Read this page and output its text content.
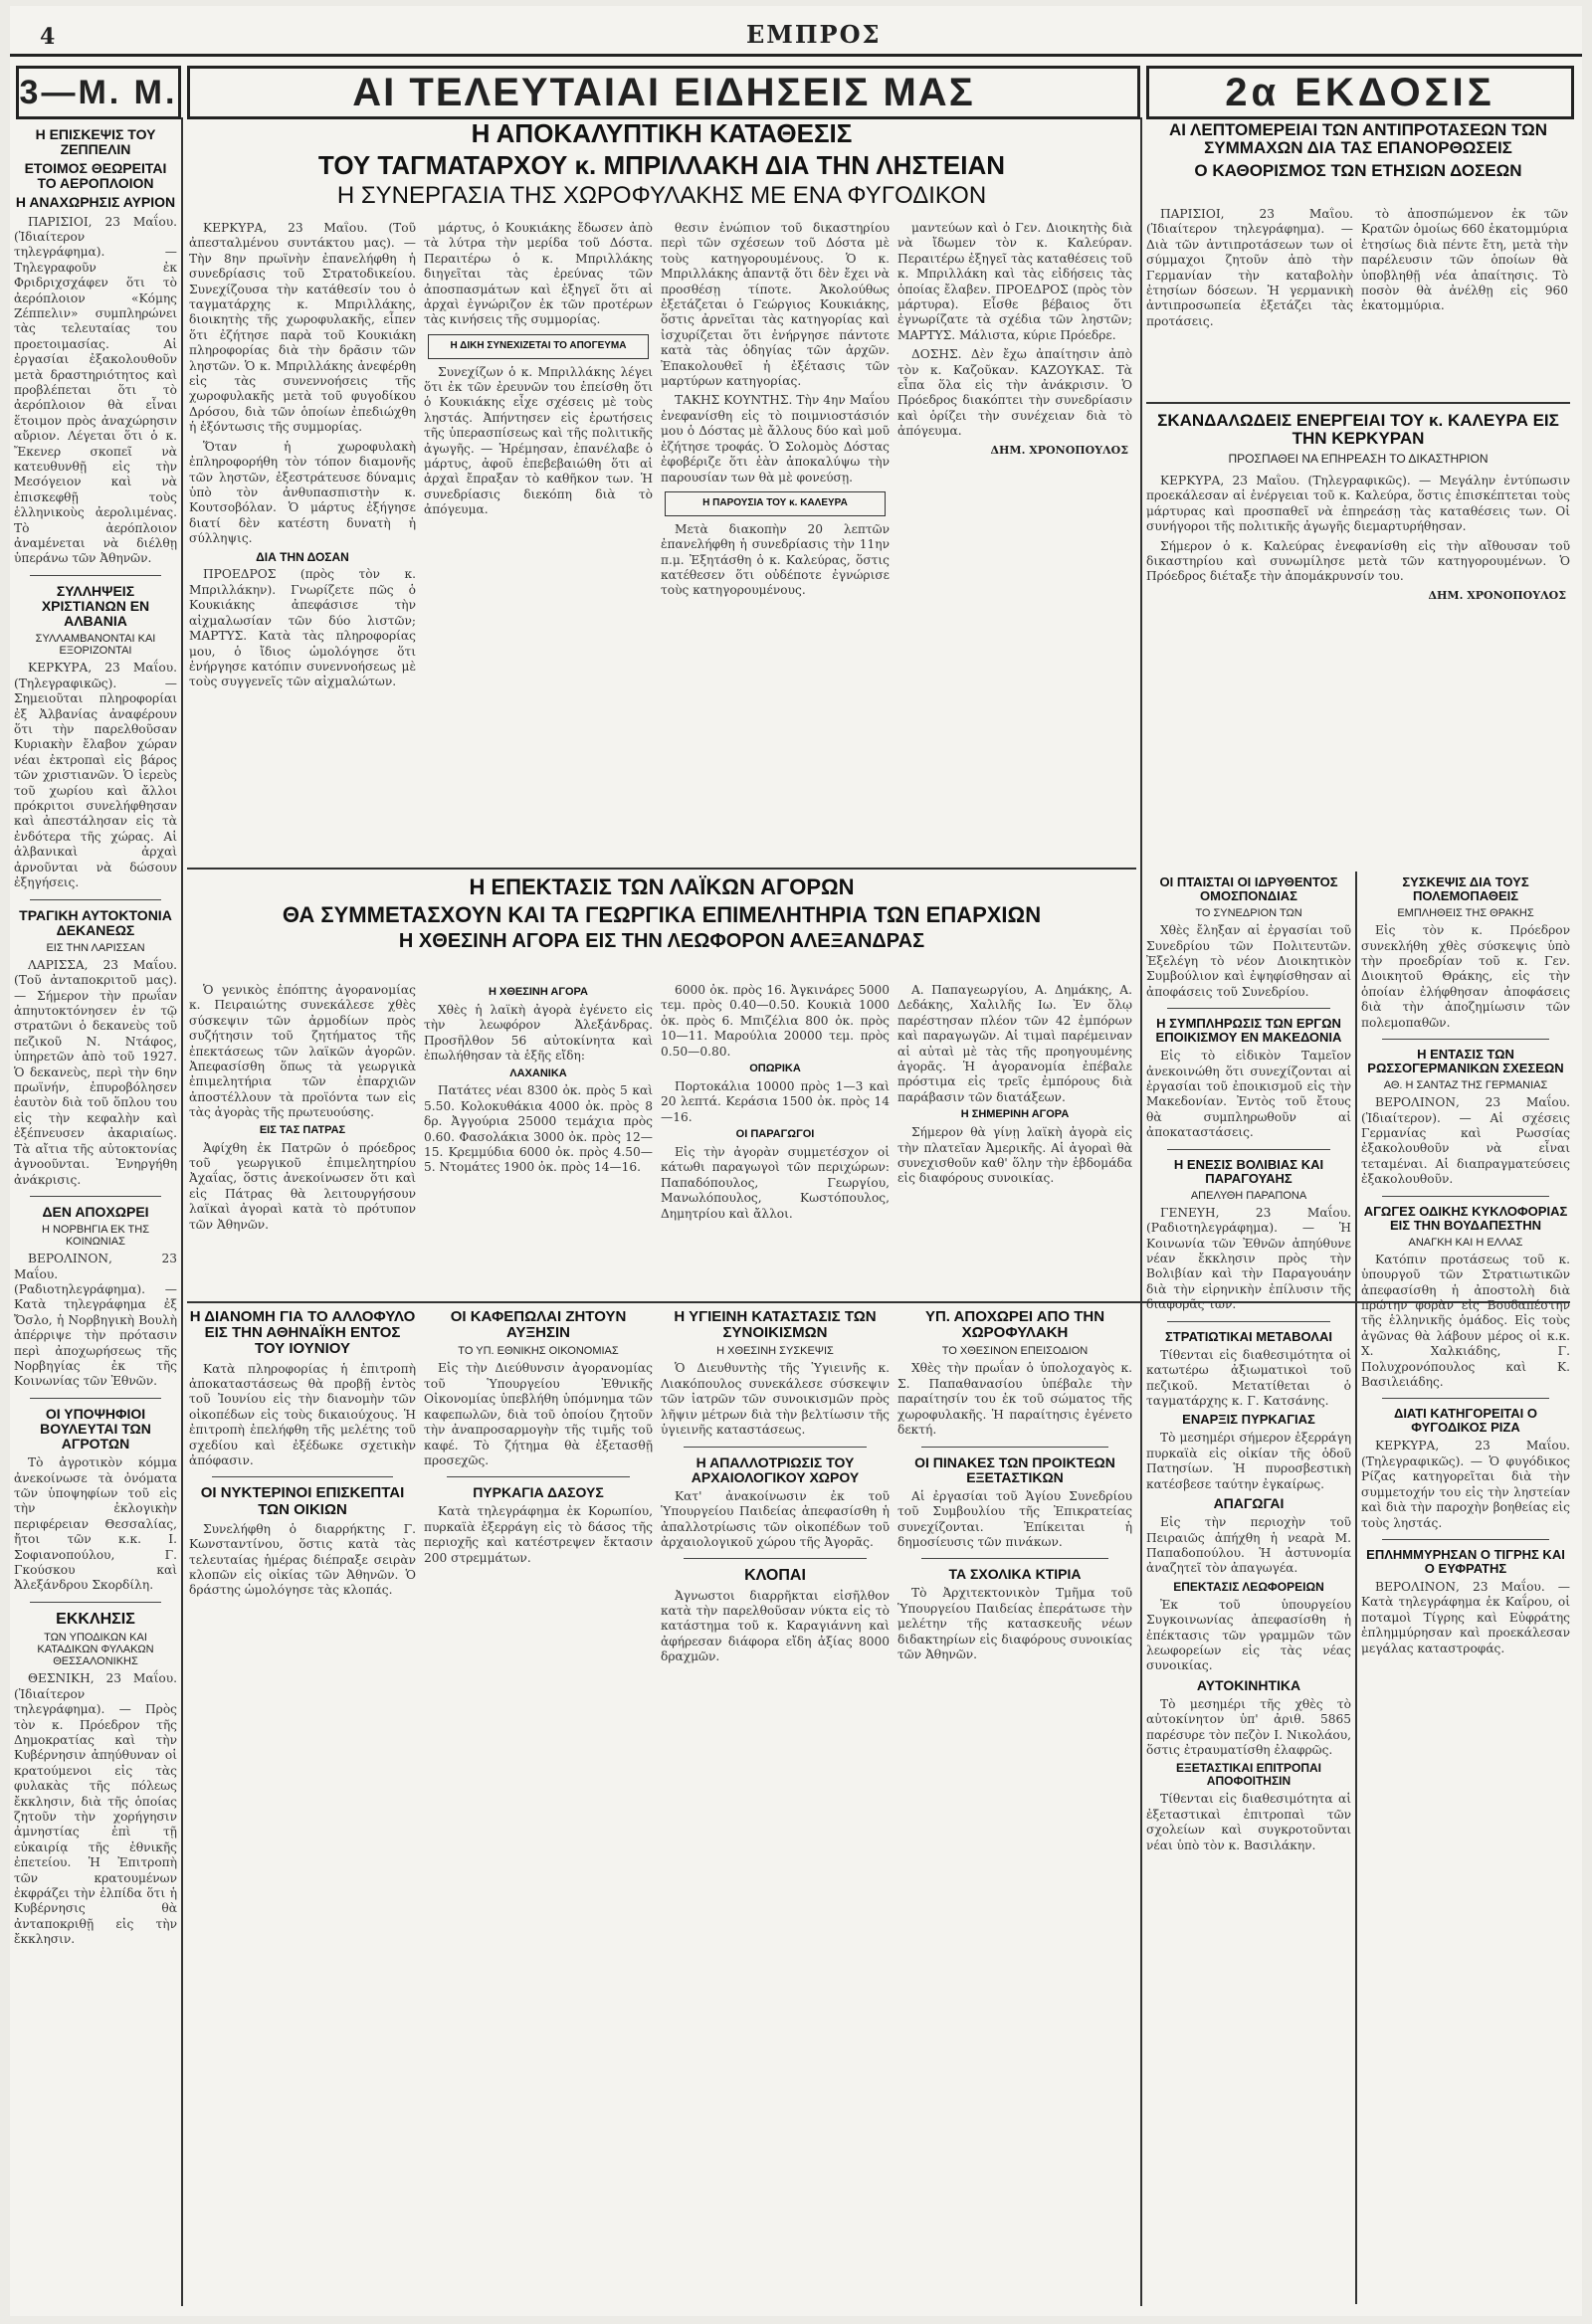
4	ΕΜΠΡΟΣ
3—Μ. Μ.	ΑΙ ΤΕΛΕΥΤΑΙΑΙ ΕΙΔΗΣΕΙΣ ΜΑΣ	2α ΕΚΔΟΣΙΣ
Η ΕΠΙΣΚΕΨΙΣ ΤΟΥ ΖΕΠΠΕΛΙΝ
ΕΤΟΙΜΟΣ ΘΕΩΡΕΙΤΑΙ ΤΟ ΑΕΡΟΠΛΟΙΟΝ
Η ΑΝΑΧΩΡΗΣΙΣ ΑΥΡΙΟΝ

ΠΑΡΙΣΙΟΙ, 23 Μαΐου. (Ἰδιαίτερον τηλεγράφημα). — Τηλεγραφοῦν ἐκ Φριδριχσχάφεν ὅτι τὸ ἀερόπλοιον «Κόμης Ζέππελιν» συμπληρώνει τὰς τελευταίας του προετοιμασίας. Αἱ ἐργασίαι ἐξακολουθοῦν μετὰ δραστηριότητος καὶ προβλέπεται ὅτι τὸ ἀερόπλοιον θὰ εἶναι ἕτοιμον πρὸς ἀναχώρησιν αὔριον. Λέγεται ὅτι ὁ κ. Ἔκενερ σκοπεῖ νὰ κατευθυνθῇ εἰς τὴν Μεσόγειον καὶ νὰ ἐπισκεφθῇ τοὺς ἑλληνικοὺς ἀερολιμένας. Τὸ ἀερόπλοιον ἀναμένεται νὰ διέλθῃ ὑπεράνω τῶν Ἀθηνῶν.

ΣΥΛΛΗΨΕΙΣ ΧΡΙΣΤΙΑΝΩΝ ΕΝ ΑΛΒΑΝΙΑ
ΣΥΛΛΑΜΒΑΝΟΝΤΑΙ ΚΑΙ ΕΞΟΡΙΖΟΝΤΑΙ

ΚΕΡΚΥΡΑ, 23 Μαΐου. (Τηλεγραφικῶς). — Σημειοῦται πληροφορίαι ἐξ Ἀλβανίας ἀναφέρουν ὅτι τὴν παρελθοῦσαν Κυριακὴν ἔλαβον χώραν νέαι ἐκτροπαὶ εἰς βάρος τῶν χριστιανῶν. Ὁ ἱερεὺς τοῦ χωρίου καὶ ἄλλοι πρόκριτοι συνελήφθησαν καὶ ἀπεστάλησαν εἰς τὰ ἐνδότερα τῆς χώρας. Αἱ ἀλβανικαὶ ἀρχαὶ ἀρνοῦνται νὰ δώσουν ἐξηγήσεις.

ΤΡΑΓΙΚΗ ΑΥΤΟΚΤΟΝΙΑ ΔΕΚΑΝΕΩΣ
ΕΙΣ ΤΗΝ ΛΑΡΙΣΣΑΝ

ΛΑΡΙΣΣΑ, 23 Μαΐου. (Τοῦ ἀνταποκριτοῦ μας). — Σήμερον τὴν πρωΐαν ἀπηυτοκτόνησεν ἐν τῷ στρατῶνι ὁ δεκανεὺς τοῦ πεζικοῦ Ν. Ντάφος, ὑπηρετῶν ἀπὸ τοῦ 1927. Ὁ δεκανεὺς, περὶ τὴν 6ην πρωϊνήν, ἐπυροβόλησεν ἑαυτὸν διὰ τοῦ ὅπλου του εἰς τὴν κεφαλὴν καὶ ἐξέπνευσεν ἀκαριαίως. Τὰ αἴτια τῆς αὐτοκτονίας ἀγνοοῦνται. Ἐνηργήθη ἀνάκρισις.

ΔΕΝ ΑΠΟΧΩΡΕΙ
Η ΝΟΡΒΗΓΙΑ ΕΚ ΤΗΣ ΚΟΙΝΩΝΙΑΣ

ΒΕΡΟΛΙΝΟΝ, 23 Μαΐου. (Ραδιοτηλεγράφημα). — Κατὰ τηλεγράφημα ἐξ Ὄσλο, ἡ Νορβηγικὴ Βουλὴ ἀπέρριψε τὴν πρότασιν περὶ ἀποχωρήσεως τῆς Νορβηγίας ἐκ τῆς Κοινωνίας τῶν Ἐθνῶν.

ΟΙ ΥΠΟΨΗΦΙΟΙ ΒΟΥΛΕΥΤΑΙ ΤΩΝ ΑΓΡΟΤΩΝ

Τὸ ἀγροτικὸν κόμμα ἀνεκοίνωσε τὰ ὀνόματα τῶν ὑποψηφίων τοῦ εἰς τὴν ἐκλογικὴν περιφέρειαν Θεσσαλίας, ἤτοι τῶν κ.κ. Ι. Σοφιανοπούλου, Γ. Γκούσκου καὶ Ἀλεξάνδρου Σκορδίλη.

ΕΚΚΛΗΣΙΣ
ΤΩΝ ΥΠΟΔΙΚΩΝ ΚΑΙ ΚΑΤΑΔΙΚΩΝ ΦΥΛΑΚΩΝ ΘΕΣΣΑΛΟΝΙΚΗΣ

ΘΕΣΝΙΚΗ, 23 Μαΐου. (Ἰδιαίτερον τηλεγράφημα). — Πρὸς τὸν κ. Πρόεδρον τῆς Δημοκρατίας καὶ τὴν Κυβέρνησιν ἀπηύθυναν οἱ κρατούμενοι εἰς τὰς φυλακὰς τῆς πόλεως ἔκκλησιν, διὰ τῆς ὁποίας ζητοῦν τὴν χορήγησιν ἀμνηστίας ἐπὶ τῇ εὐκαιρίᾳ τῆς ἐθνικῆς ἐπετείου. Ἡ Ἐπιτροπὴ τῶν κρατουμένων ἐκφράζει τὴν ἐλπίδα ὅτι ἡ Κυβέρνησις θὰ ἀνταποκριθῇ εἰς τὴν ἔκκλησιν.

Η ΑΠΟΚΑΛΥΠΤΙΚΗ ΚΑΤΑΘΕΣΙΣ
ΤΟΥ ΤΑΓΜΑΤΑΡΧΟΥ κ. ΜΠΡΙΛΛΑΚΗ ΔΙΑ ΤΗΝ ΛΗΣΤΕΙΑΝ
Η ΣΥΝΕΡΓΑΣΙΑ ΤΗΣ ΧΩΡΟΦΥΛΑΚΗΣ ΜΕ ΕΝΑ ΦΥΓΟΔΙΚΟΝ

ΚΕΡΚΥΡΑ, 23 Μαΐου. (Τοῦ ἀπεσταλμένου συντάκτου μας). — Τὴν 8ην πρωϊνὴν ἐπανελήφθη ἡ συνεδρίασις τοῦ Στρατοδικείου. Συνεχίζουσα τὴν κατάθεσίν του ὁ ταγματάρχης κ. Μπριλλάκης, διοικητὴς τῆς χωροφυλακῆς, εἶπεν ὅτι ἐζήτησε παρὰ τοῦ Κουκιάκη πληροφορίας διὰ τὴν δρᾶσιν τῶν ληστῶν. Ὁ κ. Μπριλλάκης ἀνεφέρθη εἰς τὰς συνεννοήσεις τῆς χωροφυλακῆς μετὰ τοῦ φυγοδίκου Δρόσου, διὰ τῶν ὁποίων ἐπεδιώχθη ἡ ἐξόντωσις τῆς συμμορίας.

Ὅταν ἡ χωροφυλακὴ ἐπληροφορήθη τὸν τόπον διαμονῆς τῶν ληστῶν, ἐξεστράτευσε δύναμις ὑπὸ τὸν ἀνθυπασπιστὴν κ. Κουτσοβόλαν. Ὁ μάρτυς ἐξήγησε διατί δὲν κατέστη δυνατὴ ἡ σύλληψις.

ΔΙΑ ΤΗΝ ΔΟΣΑΝ

ΠΡΟΕΔΡΟΣ (πρὸς τὸν κ. Μπριλλάκην). Γνωρίζετε πῶς ὁ Κουκιάκης ἀπεφάσισε τὴν αἰχμαλωσίαν τῶν δύο λιστῶν; ΜΑΡΤΥΣ. Κατὰ τὰς πληροφορίας μου, ὁ ἴδιος ὡμολόγησε ὅτι ἐνήργησε κατόπιν συνεννοήσεως μὲ τοὺς συγγενεῖς τῶν αἰχμαλώτων.

μάρτυς, ὁ Κουκιάκης ἔδωσεν ἀπὸ τὰ λύτρα τὴν μερίδα τοῦ Δόστα. Περαιτέρω ὁ κ. Μπριλλάκης διηγεῖται τὰς ἐρεύνας τῶν ἀποσπασμάτων καὶ ἐξηγεῖ ὅτι αἱ ἀρχαὶ ἐγνώριζον ἐκ τῶν προτέρων τὰς κινήσεις τῆς συμμορίας.

Η ΔΙΚΗ ΣΥΝΕΧΙΖΕΤΑΙ ΤΟ ΑΠΟΓΕΥΜΑ

Συνεχίζων ὁ κ. Μπριλλάκης λέγει ὅτι ἐκ τῶν ἐρευνῶν του ἐπείσθη ὅτι ὁ Κουκιάκης εἶχε σχέσεις μὲ τοὺς ληστάς. Ἀπήντησεν εἰς ἐρωτήσεις τῆς ὑπερασπίσεως καὶ τῆς πολιτικῆς ἀγωγῆς. — Ἡρέμησαν, ἐπανέλαβε ὁ μάρτυς, ἀφοῦ ἐπεβεβαιώθη ὅτι αἱ ἀρχαὶ ἔπραξαν τὸ καθῆκον των. Ἡ συνεδρίασις διεκόπη διὰ τὸ ἀπόγευμα.

θεσιν ἐνώπιον τοῦ δικαστηρίου περὶ τῶν σχέσεων τοῦ Δόστα μὲ τοὺς κατηγορουμένους. Ὁ κ. Μπριλλάκης ἀπαντᾷ ὅτι δὲν ἔχει νὰ προσθέσῃ τίποτε. Ἀκολούθως ἐξετάζεται ὁ Γεώργιος Κουκιάκης, ὅστις ἀρνεῖται τὰς κατηγορίας καὶ ἰσχυρίζεται ὅτι ἐνήργησε πάντοτε κατὰ τὰς ὁδηγίας τῶν ἀρχῶν. Ἐπακολουθεῖ ἡ ἐξέτασις τῶν μαρτύρων κατηγορίας.

ΤΑΚΗΣ ΚΟΥΝΤΗΣ. Τὴν 4ην Μαΐου ἐνεφανίσθη εἰς τὸ ποιμνιοστάσιόν μου ὁ Δόστας μὲ ἄλλους δύο καὶ μοῦ ἐζήτησε τροφάς. Ὁ Σολομὸς Δόστας ἐφοβέριζε ὅτι ἐὰν ἀποκαλύψω τὴν παρουσίαν των θὰ μὲ φονεύσῃ.

Η ΠΑΡΟΥΣΙΑ ΤΟΥ κ. ΚΑΛΕΥΡΑ

Μετὰ διακοπὴν 20 λεπτῶν ἐπανελήφθη ἡ συνεδρίασις τὴν 11ην π.μ. Ἐξητάσθη ὁ κ. Καλεύρας, ὅστις κατέθεσεν ὅτι οὐδέποτε ἐγνώρισε τοὺς κατηγορουμένους.

μαντεύων καὶ ὁ Γεν. Διοικητὴς διὰ νὰ ἴδωμεν τὸν κ. Καλεύραν. Περαιτέρω ἐξηγεῖ τὰς καταθέσεις τοῦ κ. Μπριλλάκη καὶ τὰς εἰδήσεις τὰς ὁποίας ἔλαβεν. ΠΡΟΕΔΡΟΣ (πρὸς τὸν μάρτυρα). Εἶσθε βέβαιος ὅτι ἐγνωρίζατε τὰ σχέδια τῶν ληστῶν; ΜΑΡΤΥΣ. Μάλιστα, κύριε Πρόεδρε.

ΔΟΣΗΣ. Δὲν ἔχω ἀπαίτησιν ἀπὸ τὸν κ. Καζοῦκαν. ΚΑΖΟΥΚΑΣ. Τὰ εἶπα ὅλα εἰς τὴν ἀνάκρισιν. Ὁ Πρόεδρος διακόπτει τὴν συνεδρίασιν καὶ ὁρίζει τὴν συνέχειαν διὰ τὸ ἀπόγευμα.

ΔΗΜ. ΧΡΟΝΟΠΟΥΛΟΣ
Η ΕΠΕΚΤΑΣΙΣ ΤΩΝ ΛΑΪΚΩΝ ΑΓΟΡΩΝ
ΘΑ ΣΥΜΜΕΤΑΣΧΟΥΝ ΚΑΙ ΤΑ ΓΕΩΡΓΙΚΑ ΕΠΙΜΕΛΗΤΗΡΙΑ ΤΩΝ ΕΠΑΡΧΙΩΝ
Η ΧΘΕΣΙΝΗ ΑΓΟΡΑ ΕΙΣ ΤΗΝ ΛΕΩΦΟΡΟΝ ΑΛΕΞΑΝΔΡΑΣ

Ὁ γενικὸς ἐπόπτης ἀγορανομίας κ. Πειραιώτης συνεκάλεσε χθὲς σύσκεψιν τῶν ἀρμοδίων πρὸς συζήτησιν τοῦ ζητήματος τῆς ἐπεκτάσεως τῶν λαϊκῶν ἀγορῶν. Ἀπεφασίσθη ὅπως τὰ γεωργικὰ ἐπιμελητήρια τῶν ἐπαρχιῶν ἀποστέλλουν τὰ προϊόντα των εἰς τὰς ἀγορὰς τῆς πρωτευούσης.

ΕΙΣ ΤΑΣ ΠΑΤΡΑΣ

Ἀφίχθη ἐκ Πατρῶν ὁ πρόεδρος τοῦ γεωργικοῦ ἐπιμελητηρίου Ἀχαΐας, ὅστις ἀνεκοίνωσεν ὅτι καὶ εἰς Πάτρας θὰ λειτουργήσουν λαϊκαὶ ἀγοραὶ κατὰ τὸ πρότυπον τῶν Ἀθηνῶν.

Η ΧΘΕΣΙΝΗ ΑΓΟΡΑ

Χθὲς ἡ λαϊκὴ ἀγορὰ ἐγένετο εἰς τὴν λεωφόρον Ἀλεξάνδρας. Προσῆλθον 56 αὐτοκίνητα καὶ ἐπωλήθησαν τὰ ἑξῆς εἴδη:

ΛΑΧΑΝΙΚΑ

Πατάτες νέαι 8300 ὀκ. πρὸς 5 καὶ 5.50. Κολοκυθάκια 4000 ὀκ. πρὸς 8 δρ. Ἀγγούρια 25000 τεμάχια πρὸς 0.60. Φασολάκια 3000 ὀκ. πρὸς 12—15. Κρεμμύδια 6000 ὀκ. πρὸς 4.50—5. Ντομάτες 1900 ὀκ. πρὸς 14—16.

6000 ὀκ. πρὸς 16. Ἀγκινάρες 5000 τεμ. πρὸς 0.40—0.50. Κουκιὰ 1000 ὀκ. πρὸς 6. Μπιζέλια 800 ὀκ. πρὸς 10—11. Μαρούλια 20000 τεμ. πρὸς 0.50—0.80.

ΟΠΩΡΙΚΑ

Πορτοκάλια 10000 πρὸς 1—3 καὶ 20 λεπτά. Κεράσια 1500 ὀκ. πρὸς 14—16.

ΟΙ ΠΑΡΑΓΩΓΟΙ

Εἰς τὴν ἀγορὰν συμμετέσχον οἱ κάτωθι παραγωγοὶ τῶν περιχώρων: Παπαδόπουλος, Γεωργίου, Μανωλόπουλος, Κωστόπουλος, Δημητρίου καὶ ἄλλοι.

Α. Παπαγεωργίου, Α. Δημάκης, Α. Δεδάκης, Χαλιλῆς Ιω. Ἐν ὅλῳ παρέστησαν πλέον τῶν 42 ἐμπόρων καὶ παραγωγῶν. Αἱ τιμαὶ παρέμειναν αἱ αὐταὶ μὲ τὰς τῆς προηγουμένης ἀγορᾶς. Ἡ ἀγορανομία ἐπέβαλε πρόστιμα εἰς τρεῖς ἐμπόρους διὰ παράβασιν τῶν διατάξεων.

Η ΣΗΜΕΡΙΝΗ ΑΓΟΡΑ

Σήμερον θὰ γίνῃ λαϊκὴ ἀγορὰ εἰς τὴν πλατεῖαν Ἀμερικῆς. Αἱ ἀγοραὶ θὰ συνεχισθοῦν καθ' ὅλην τὴν ἑβδομάδα εἰς διαφόρους συνοικίας.

Η ΔΙΑΝΟΜΗ ΓΙΑ ΤΟ ΑΛΛΟΦΥΛΟ ΕΙΣ ΤΗΝ ΑΘΗΝΑΪΚΗ ΕΝΤΟΣ ΤΟΥ ΙΟΥΝΙΟΥ

Κατὰ πληροφορίας ἡ ἐπιτροπὴ ἀποκαταστάσεως θὰ προβῇ ἐντὸς τοῦ Ἰουνίου εἰς τὴν διανομὴν τῶν οἰκοπέδων εἰς τοὺς δικαιούχους. Ἡ ἐπιτροπὴ ἐπελήφθη τῆς μελέτης τοῦ σχεδίου καὶ ἐξέδωκε σχετικὴν ἀπόφασιν.

ΟΙ ΝΥΚΤΕΡΙΝΟΙ ΕΠΙΣΚΕΠΤΑΙ ΤΩΝ ΟΙΚΙΩΝ

Συνελήφθη ὁ διαρρήκτης Γ. Κωνσταντίνου, ὅστις κατὰ τὰς τελευταίας ἡμέρας διέπραξε σειρὰν κλοπῶν εἰς οἰκίας τῶν Ἀθηνῶν. Ὁ δράστης ὡμολόγησε τὰς κλοπάς.

ΟΙ ΚΑΦΕΠΩΛΑΙ ΖΗΤΟΥΝ ΑΥΞΗΣΙΝ
ΤΟ ΥΠ. ΕΘΝΙΚΗΣ ΟΙΚΟΝΟΜΙΑΣ

Εἰς τὴν Διεύθυνσιν ἀγορανομίας τοῦ Ὑπουργείου Ἐθνικῆς Οἰκονομίας ὑπεβλήθη ὑπόμνημα τῶν καφεπωλῶν, διὰ τοῦ ὁποίου ζητοῦν τὴν ἀναπροσαρμογὴν τῆς τιμῆς τοῦ καφέ. Τὸ ζήτημα θὰ ἐξετασθῇ προσεχῶς.

ΠΥΡΚΑΓΙΑ ΔΑΣΟΥΣ

Κατὰ τηλεγράφημα ἐκ Κορωπίου, πυρκαϊὰ ἐξερράγη εἰς τὸ δάσος τῆς περιοχῆς καὶ κατέστρεψεν ἔκτασιν 200 στρεμμάτων.

Η ΥΓΙΕΙΝΗ ΚΑΤΑΣΤΑΣΙΣ ΤΩΝ ΣΥΝΟΙΚΙΣΜΩΝ
Η ΧΘΕΣΙΝΗ ΣΥΣΚΕΨΙΣ

Ὁ Διευθυντὴς τῆς Ὑγιεινῆς κ. Λιακόπουλος συνεκάλεσε σύσκεψιν τῶν ἰατρῶν τῶν συνοικισμῶν πρὸς λῆψιν μέτρων διὰ τὴν βελτίωσιν τῆς ὑγιεινῆς καταστάσεως.

Η ΑΠΑΛΛΟΤΡΙΩΣΙΣ ΤΟΥ ΑΡΧΑΙΟΛΟΓΙΚΟΥ ΧΩΡΟΥ

Κατ' ἀνακοίνωσιν ἐκ τοῦ Ὑπουργείου Παιδείας ἀπεφασίσθη ἡ ἀπαλλοτρίωσις τῶν οἰκοπέδων τοῦ ἀρχαιολογικοῦ χώρου τῆς Ἀγορᾶς.

ΚΛΟΠΑΙ

Ἀγνωστοι διαρρῆκται εἰσῆλθον κατὰ τὴν παρελθοῦσαν νύκτα εἰς τὸ κατάστημα τοῦ κ. Καραγιάννη καὶ ἀφήρεσαν διάφορα εἴδη ἀξίας 8000 δραχμῶν.

ΥΠ. ΑΠΟΧΩΡΕΙ ΑΠΟ ΤΗΝ ΧΩΡΟΦΥΛΑΚΗ
ΤΟ ΧΘΕΣΙΝΟΝ ΕΠΕΙΣΟΔΙΟΝ

Χθὲς τὴν πρωΐαν ὁ ὑπολοχαγὸς κ. Σ. Παπαθανασίου ὑπέβαλε τὴν παραίτησίν του ἐκ τοῦ σώματος τῆς χωροφυλακῆς. Ἡ παραίτησις ἐγένετο δεκτή.

ΟΙ ΠΙΝΑΚΕΣ ΤΩΝ ΠΡΟΙΚΤΕΩΝ ΕΞΕΤΑΣΤΙΚΩΝ

Αἱ ἐργασίαι τοῦ Ἁγίου Συνεδρίου τοῦ Συμβουλίου τῆς Ἐπικρατείας συνεχίζονται. Ἐπίκειται ἡ δημοσίευσις τῶν πινάκων.

ΤΑ ΣΧΟΛΙΚΑ ΚΤΙΡΙΑ

Τὸ Ἀρχιτεκτονικὸν Τμῆμα τοῦ Ὑπουργείου Παιδείας ἐπεράτωσε τὴν μελέτην τῆς κατασκευῆς νέων διδακτηρίων εἰς διαφόρους συνοικίας τῶν Ἀθηνῶν.

ΑΙ ΛΕΠΤΟΜΕΡΕΙΑΙ ΤΩΝ ΑΝΤΙΠΡΟΤΑΣΕΩΝ ΤΩΝ ΣΥΜΜΑΧΩΝ ΔΙΑ ΤΑΣ ΕΠΑΝΟΡΘΩΣΕΙΣ
Ο ΚΑΘΟΡΙΣΜΟΣ ΤΩΝ ΕΤΗΣΙΩΝ ΔΟΣΕΩΝ

ΠΑΡΙΣΙΟΙ, 23 Μαΐου. (Ἰδιαίτερον τηλεγράφημα). — Διὰ τῶν ἀντιπροτάσεων των οἱ σύμμαχοι ζητοῦν ἀπὸ τὴν Γερμανίαν τὴν καταβολὴν ἐτησίων δόσεων. Ἡ γερμανικὴ ἀντιπροσωπεία ἐξετάζει τὰς προτάσεις.

τὸ ἀποσπώμενον ἐκ τῶν Κρατῶν ὁμοίως 660 ἑκατομμύρια ἐτησίως διὰ πέντε ἔτη, μετὰ τὴν παρέλευσιν τῶν ὁποίων θὰ ὑποβληθῇ νέα ἀπαίτησις. Τὸ ποσὸν θὰ ἀνέλθῃ εἰς 960 ἑκατομμύρια.

ΣΚΑΝΔΑΛΩΔΕΙΣ ΕΝΕΡΓΕΙΑΙ ΤΟΥ κ. ΚΑΛΕΥΡΑ ΕΙΣ ΤΗΝ ΚΕΡΚΥΡΑΝ
ΠΡΟΣΠΑΘΕΙ ΝΑ ΕΠΗΡΕΑΣΗ ΤΟ ΔΙΚΑΣΤΗΡΙΟΝ

ΚΕΡΚΥΡΑ, 23 Μαΐου. (Τηλεγραφικῶς). — Μεγάλην ἐντύπωσιν προεκάλεσαν αἱ ἐνέργειαι τοῦ κ. Καλεύρα, ὅστις ἐπισκέπτεται τοὺς μάρτυρας καὶ προσπαθεῖ νὰ ἐπηρεάσῃ τὰς καταθέσεις των. Οἱ συνήγοροι τῆς πολιτικῆς ἀγωγῆς διεμαρτυρήθησαν.

Σήμερον ὁ κ. Καλεύρας ἐνεφανίσθη εἰς τὴν αἴθουσαν τοῦ δικαστηρίου καὶ συνωμίλησε μετὰ τῶν κατηγορουμένων. Ὁ Πρόεδρος διέταξε τὴν ἀπομάκρυνσίν του.

ΔΗΜ. ΧΡΟΝΟΠΟΥΛΟΣ
ΟΙ ΠΤΑΙΣΤΑΙ ΟΙ ΙΔΡΥΘΕΝΤΟΣ ΟΜΟΣΠΟΝΔΙΑΣ
ΤΟ ΣΥΝΕΔΡΙΟΝ ΤΩΝ

Χθὲς ἔληξαν αἱ ἐργασίαι τοῦ Συνεδρίου τῶν Πολιτευτῶν. Ἐξελέγη τὸ νέον Διοικητικὸν Συμβούλιον καὶ ἐψηφίσθησαν αἱ ἀποφάσεις τοῦ Συνεδρίου.

Η ΣΥΜΠΛΗΡΩΣΙΣ ΤΩΝ ΕΡΓΩΝ ΕΠΟΙΚΙΣΜΟΥ ΕΝ ΜΑΚΕΔΟΝΙΑ

Εἰς τὸ εἰδικὸν Ταμεῖον ἀνεκοινώθη ὅτι συνεχίζονται αἱ ἐργασίαι τοῦ ἐποικισμοῦ εἰς τὴν Μακεδονίαν. Ἐντὸς τοῦ ἔτους θὰ συμπληρωθοῦν αἱ ἀποκαταστάσεις.

Η ΕΝΕΣΙΣ ΒΟΛΙΒΙΑΣ ΚΑΙ ΠΑΡΑΓΟΥΑΗΣ
ΑΠΕΛΥΘΗ ΠΑΡΑΠΟΝΑ

ΓΕΝΕΥΗ, 23 Μαΐου. (Ραδιοτηλεγράφημα). — Ἡ Κοινωνία τῶν Ἐθνῶν ἀπηύθυνε νέαν ἔκκλησιν πρὸς τὴν Βολιβίαν καὶ τὴν Παραγουάην διὰ τὴν εἰρηνικὴν ἐπίλυσιν τῆς διαφορᾶς των.

ΣΤΡΑΤΙΩΤΙΚΑΙ ΜΕΤΑΒΟΛΑΙ

Τίθενται εἰς διαθεσιμότητα οἱ κατωτέρω ἀξιωματικοὶ τοῦ πεζικοῦ. Μετατίθεται ὁ ταγματάρχης κ. Γ. Κατσάνης.

ΕΝΑΡΞΙΣ ΠΥΡΚΑΓΙΑΣ

Τὸ μεσημέρι σήμερον ἐξερράγη πυρκαϊὰ εἰς οἰκίαν τῆς ὁδοῦ Πατησίων. Ἡ πυροσβεστικὴ κατέσβεσε ταύτην ἐγκαίρως.

ΑΠΑΓΩΓΑΙ

Εἰς τὴν περιοχὴν τοῦ Πειραιῶς ἀπήχθη ἡ νεαρὰ Μ. Παπαδοπούλου. Ἡ ἀστυνομία ἀναζητεῖ τὸν ἀπαγωγέα.

ΕΠΕΚΤΑΣΙΣ ΛΕΩΦΟΡΕΙΩΝ

Ἐκ τοῦ ὑπουργείου Συγκοινωνίας ἀπεφασίσθη ἡ ἐπέκτασις τῶν γραμμῶν τῶν λεωφορείων εἰς τὰς νέας συνοικίας.

ΑΥΤΟΚΙΝΗΤΙΚΑ

Τὸ μεσημέρι τῆς χθὲς τὸ αὐτοκίνητον ὑπ' ἀριθ. 5865 παρέσυρε τὸν πεζὸν Ι. Νικολάου, ὅστις ἐτραυματίσθη ἐλαφρῶς.

ΕΞΕΤΑΣΤΙΚΑΙ ΕΠΙΤΡΟΠΑΙ ΑΠΟΦΟΙΤΗΣΙΝ

Τίθενται εἰς διαθεσιμότητα αἱ ἐξεταστικαὶ ἐπιτροπαὶ τῶν σχολείων καὶ συγκροτοῦνται νέαι ὑπὸ τὸν κ. Βασιλάκην.

ΣΥΣΚΕΨΙΣ ΔΙΑ ΤΟΥΣ ΠΟΛΕΜΟΠΑΘΕΙΣ
ΕΜΠΛΗΘΕΙΣ ΤΗΣ ΘΡΑΚΗΣ

Εἰς τὸν κ. Πρόεδρον συνεκλήθη χθὲς σύσκεψις ὑπὸ τὴν προεδρίαν τοῦ κ. Γεν. Διοικητοῦ Θράκης, εἰς τὴν ὁποίαν ἐλήφθησαν ἀποφάσεις διὰ τὴν ἀποζημίωσιν τῶν πολεμοπαθῶν.

Η ΕΝΤΑΣΙΣ ΤΩΝ ΡΩΣΣΟΓΕΡΜΑΝΙΚΩΝ ΣΧΕΣΕΩΝ
ΑΘ. Η ΣΑΝΤΑΖ ΤΗΣ ΓΕΡΜΑΝΙΑΣ

ΒΕΡΟΛΙΝΟΝ, 23 Μαΐου. (Ἰδιαίτερον). — Αἱ σχέσεις Γερμανίας καὶ Ρωσσίας ἐξακολουθοῦν νὰ εἶναι τεταμέναι. Αἱ διαπραγματεύσεις ἐξακολουθοῦν.

ΑΓΩΓΕΣ ΟΔΙΚΗΣ ΚΥΚΛΟΦΟΡΙΑΣ ΕΙΣ ΤΗΝ ΒΟΥΔΑΠΕΣΤΗΝ
ΑΝΑΓΚΗ ΚΑΙ Η ΕΛΛΑΣ

Κατόπιν προτάσεως τοῦ κ. ὑπουργοῦ τῶν Στρατιωτικῶν ἀπεφασίσθη ἡ ἀποστολὴ διὰ πρώτην φορὰν εἰς Βουδαπέστην τῆς ἑλληνικῆς ὁμάδος. Εἰς τοὺς ἀγῶνας θὰ λάβουν μέρος οἱ κ.κ. Χ. Χαλκιάδης, Γ. Πολυχρονόπουλος καὶ Κ. Βασιλειάδης.

ΔΙΑΤΙ ΚΑΤΗΓΟΡΕΙΤΑΙ Ο ΦΥΓΟΔΙΚΟΣ ΡΙΖΑ

ΚΕΡΚΥΡΑ, 23 Μαΐου. (Τηλεγραφικῶς). — Ὁ φυγόδικος Ρίζας κατηγορεῖται διὰ τὴν συμμετοχήν του εἰς τὴν ληστείαν καὶ διὰ τὴν παροχὴν βοηθείας εἰς τοὺς ληστάς.

ΕΠΛΗΜΜΥΡΗΣΑΝ Ο ΤΙΓΡΗΣ ΚΑΙ Ο ΕΥΦΡΑΤΗΣ

ΒΕΡΟΛΙΝΟΝ, 23 Μαΐου. — Κατὰ τηλεγράφημα ἐκ Καΐρου, οἱ ποταμοὶ Τίγρης καὶ Εὐφράτης ἐπλημμύρησαν καὶ προεκάλεσαν μεγάλας καταστροφάς.
